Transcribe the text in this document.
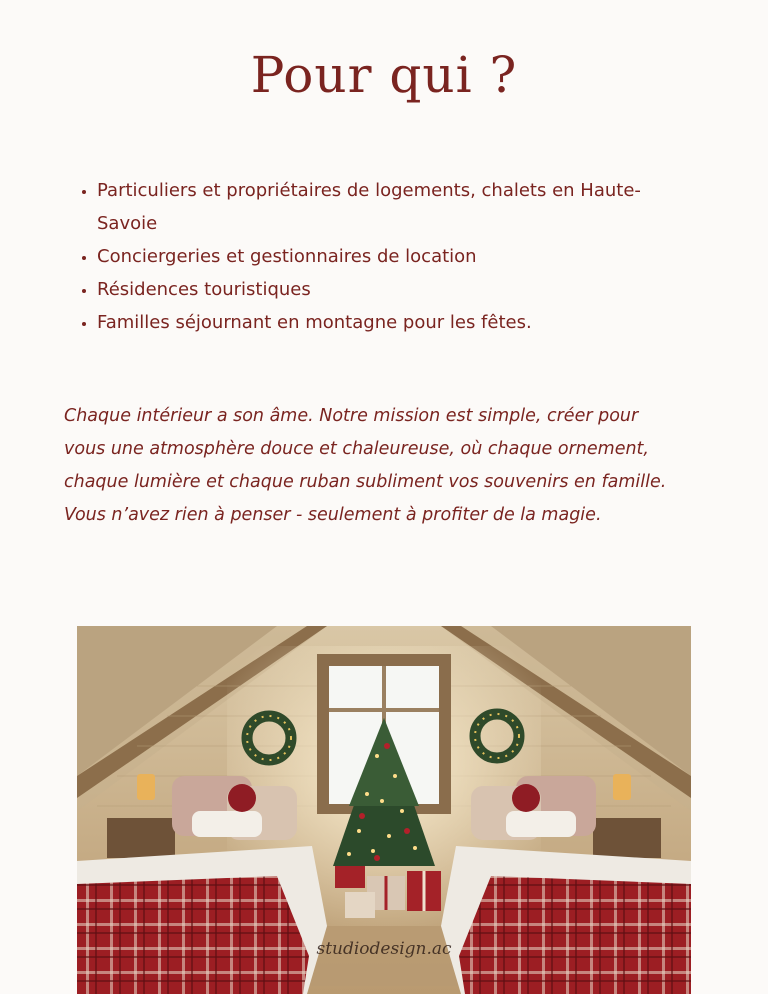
Pour qui ?
• Particuliers et propriétaires de logements, chalets en Haute-Savoie
• Conciergeries et gestionnaires de location
• Résidences touristiques
• Familles séjournant en montagne pour les fêtes.

Chaque intérieur a son âme. Notre mission est simple, créer pour vous une atmosphère douce et chaleureuse, où chaque ornement, chaque lumière et chaque ruban subliment vos souvenirs en famille.

Vous n’avez rien à penser - seulement à profiter de la magie.

studiodesign.ac
